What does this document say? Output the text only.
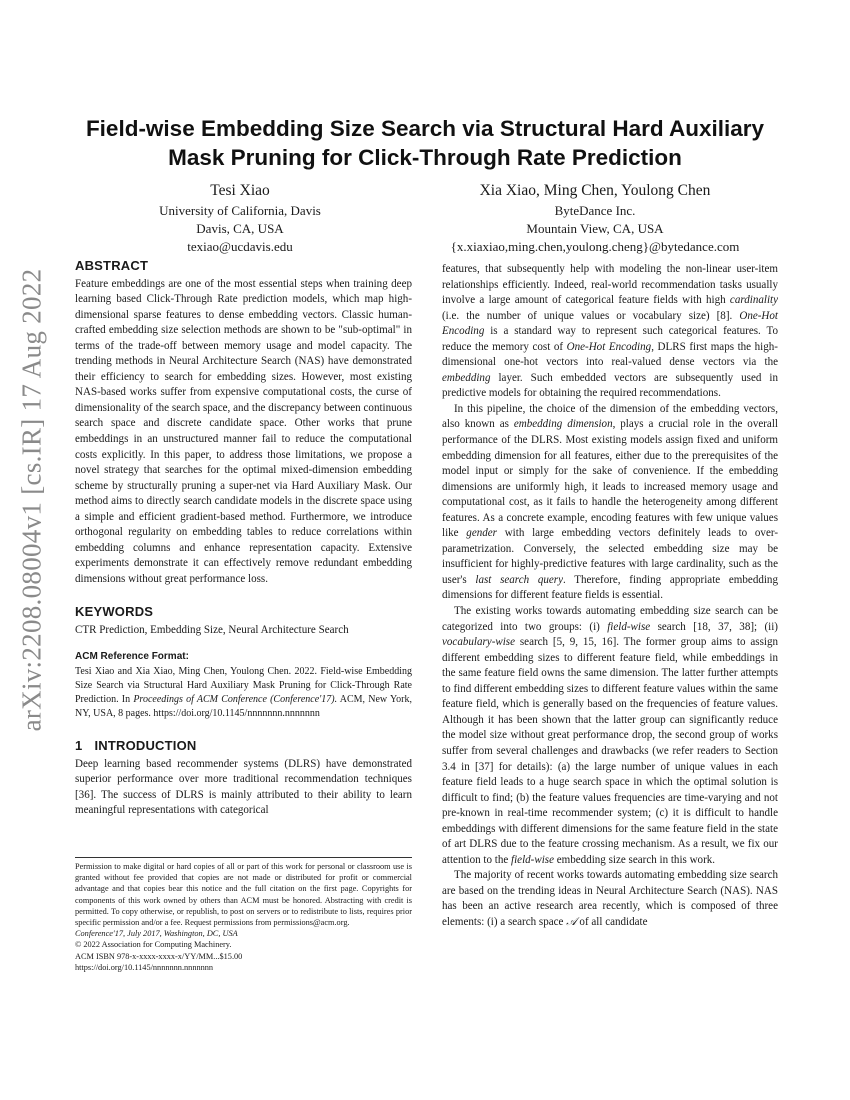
arXiv:2208.08004v1 [cs.IR] 17 Aug 2022
Field-wise Embedding Size Search via Structural Hard Auxiliary Mask Pruning for Click-Through Rate Prediction
Tesi Xiao
University of California, Davis
Davis, CA, USA
texiao@ucdavis.edu
Xia Xiao, Ming Chen, Youlong Chen
ByteDance Inc.
Mountain View, CA, USA
{x.xiaxiao,ming.chen,youlong.cheng}@bytedance.com
ABSTRACT

Feature embeddings are one of the most essential steps when training deep learning based Click-Through Rate prediction models, which map high-dimensional sparse features to dense embedding vectors. Classic human-crafted embedding size selection methods are shown to be "sub-optimal" in terms of the trade-off between memory usage and model capacity. The trending methods in Neural Architecture Search (NAS) have demonstrated their efficiency to search for embedding sizes. However, most existing NAS-based works suffer from expensive computational costs, the curse of dimensionality of the search space, and the discrepancy between continuous search space and discrete candidate space. Other works that prune embeddings in an unstructured manner fail to reduce the computational costs explicitly. In this paper, to address those limitations, we propose a novel strategy that searches for the optimal mixed-dimension embedding scheme by structurally pruning a super-net via Hard Auxiliary Mask. Our method aims to directly search candidate models in the discrete space using a simple and efficient gradient-based method. Furthermore, we introduce orthogonal regularity on embedding tables to reduce correlations within embedding columns and enhance representation capacity. Extensive experiments demonstrate it can effectively remove redundant embedding dimensions without great performance loss.

KEYWORDS

CTR Prediction, Embedding Size, Neural Architecture Search

ACM Reference Format:

Tesi Xiao and Xia Xiao, Ming Chen, Youlong Chen. 2022. Field-wise Embedding Size Search via Structural Hard Auxiliary Mask Pruning for Click-Through Rate Prediction. In Proceedings of ACM Conference (Conference'17). ACM, New York, NY, USA, 8 pages. https://doi.org/10.1145/nnnnnnn.nnnnnnn

1 INTRODUCTION

Deep learning based recommender systems (DLRS) have demonstrated superior performance over more traditional recommendation techniques [36]. The success of DLRS is mainly attributed to their ability to learn meaningful representations with categorical

Permission to make digital or hard copies of all or part of this work for personal or classroom use is granted without fee provided that copies are not made or distributed for profit or commercial advantage and that copies bear this notice and the full citation on the first page. Copyrights for components of this work owned by others than ACM must be honored. Abstracting with credit is permitted. To copy otherwise, or republish, to post on servers or to redistribute to lists, requires prior specific permission and/or a fee. Request permissions from permissions@acm.org.

Conference'17, July 2017, Washington, DC, USA

© 2022 Association for Computing Machinery.

ACM ISBN 978-x-xxxx-xxxx-x/YY/MM...$15.00

https://doi.org/10.1145/nnnnnnn.nnnnnnn

features, that subsequently help with modeling the non-linear user-item relationships efficiently. Indeed, real-world recommendation tasks usually involve a large amount of categorical feature fields with high cardinality (i.e. the number of unique values or vocabulary size) [8]. One-Hot Encoding is a standard way to represent such categorical features. To reduce the memory cost of One-Hot Encoding, DLRS first maps the high-dimensional one-hot vectors into real-valued dense vectors via the embedding layer. Such embedded vectors are subsequently used in predictive models for obtaining the required recommendations.

In this pipeline, the choice of the dimension of the embedding vectors, also known as embedding dimension, plays a crucial role in the overall performance of the DLRS. Most existing models assign fixed and uniform embedding dimension for all features, either due to the prerequisites of the model input or simply for the sake of convenience. If the embedding dimensions are uniformly high, it leads to increased memory usage and computational cost, as it fails to handle the heterogeneity among different features. As a concrete example, encoding features with few unique values like gender with large embedding vectors definitely leads to over-parametrization. Conversely, the selected embedding size may be insufficient for highly-predictive features with large cardinality, such as the user's last search query. Therefore, finding appropriate embedding dimensions for different feature fields is essential.

The existing works towards automating embedding size search can be categorized into two groups: (i) field-wise search [18, 37, 38]; (ii) vocabulary-wise search [5, 9, 15, 16]. The former group aims to assign different embedding sizes to different feature field, while embeddings in the same feature field owns the same dimension. The latter further attempts to find different embedding sizes to different feature values within the same feature field, which is generally based on the frequencies of feature values. Although it has been shown that the latter group can significantly reduce the model size without great performance drop, the second group of works suffer from several challenges and drawbacks (we refer readers to Section 3.4 in [37] for details): (a) the large number of unique values in each feature field leads to a huge search space in which the optimal solution is difficult to find; (b) the feature values frequencies are time-varying and not pre-known in real-time recommender system; (c) it is difficult to handle embeddings with different dimensions for the same feature field in the state of art DLRS due to the feature crossing mechanism. As a result, we fix our attention to the field-wise embedding size search in this work.

The majority of recent works towards automating embedding size search are based on the trending ideas in Neural Architecture Search (NAS). NAS has been an active research area recently, which is composed of three elements: (i) a search space 𝒜 of all candidate
